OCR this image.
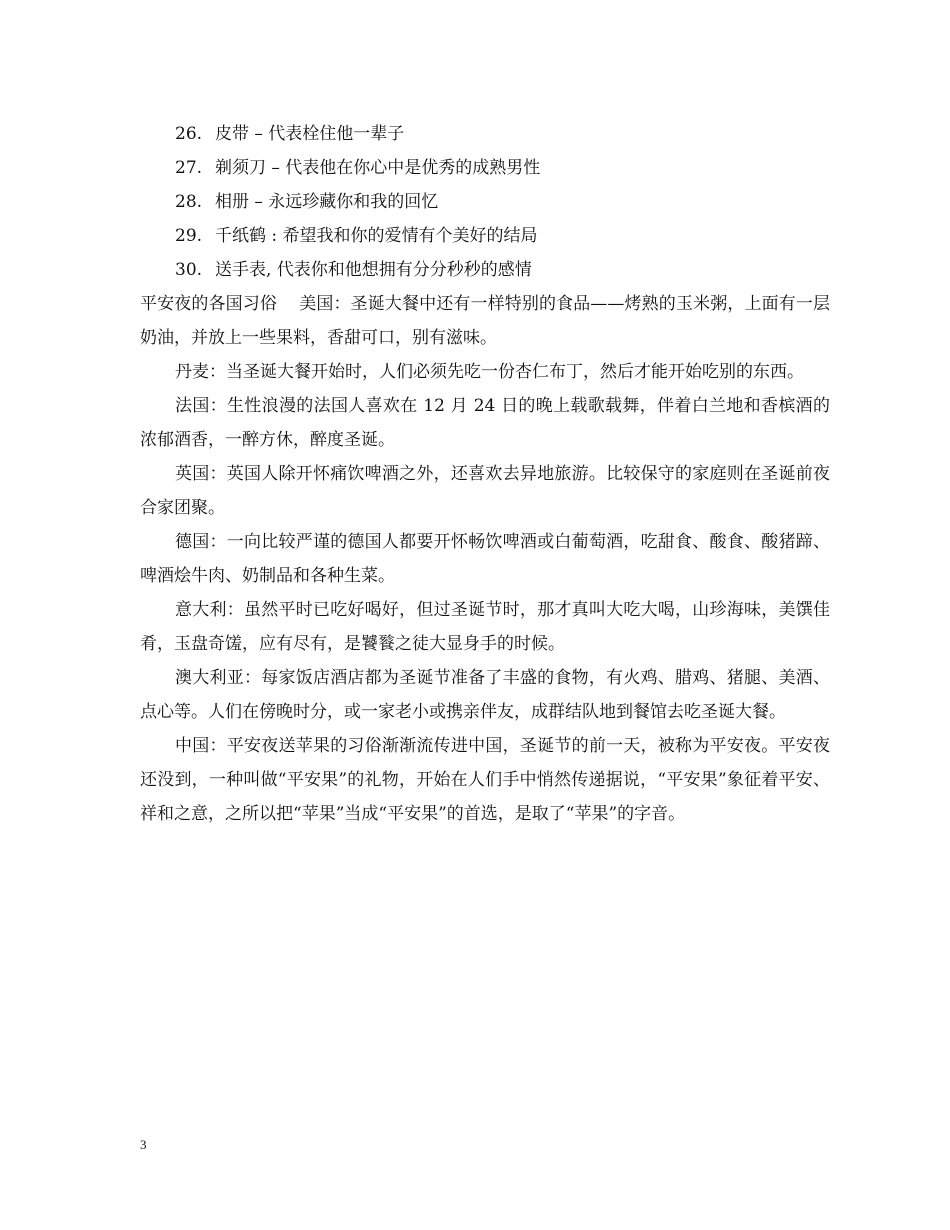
26. 皮带 – 代表栓住他一辈子
27. 剃须刀 – 代表他在你心中是优秀的成熟男性
28. 相册 – 永远珍藏你和我的回忆
29. 千纸鹤 : 希望我和你的爱情有个美好的结局
30. 送手表, 代表你和他想拥有分分秒秒的感情

平安夜的各国习俗    美国：圣诞大餐中还有一样特别的食品——烤熟的玉米粥，上面有一层奶油，并放上一些果料，香甜可口，别有滋味。

丹麦：当圣诞大餐开始时，人们必须先吃一份杏仁布丁，然后才能开始吃别的东西。

法国：生性浪漫的法国人喜欢在 12 月 24 日的晚上载歌载舞，伴着白兰地和香槟酒的浓郁酒香，一醉方休，醉度圣诞。

英国：英国人除开怀痛饮啤酒之外，还喜欢去异地旅游。比较保守的家庭则在圣诞前夜合家团聚。

德国：一向比较严谨的德国人都要开怀畅饮啤酒或白葡萄酒，吃甜食、酸食、酸猪蹄、啤酒烩牛肉、奶制品和各种生菜。

意大利：虽然平时已吃好喝好，但过圣诞节时，那才真叫大吃大喝，山珍海味，美馔佳肴，玉盘奇馐，应有尽有，是饕餮之徒大显身手的时候。

澳大利亚：每家饭店酒店都为圣诞节准备了丰盛的食物，有火鸡、腊鸡、猪腿、美酒、点心等。人们在傍晚时分，或一家老小或携亲伴友，成群结队地到餐馆去吃圣诞大餐。

中国：平安夜送苹果的习俗渐渐流传进中国，圣诞节的前一天，被称为平安夜。平安夜还没到，一种叫做“平安果”的礼物，开始在人们手中悄然传递据说，“平安果”象征着平安、祥和之意，之所以把“苹果”当成“平安果”的首选，是取了“苹果”的字音。

3
